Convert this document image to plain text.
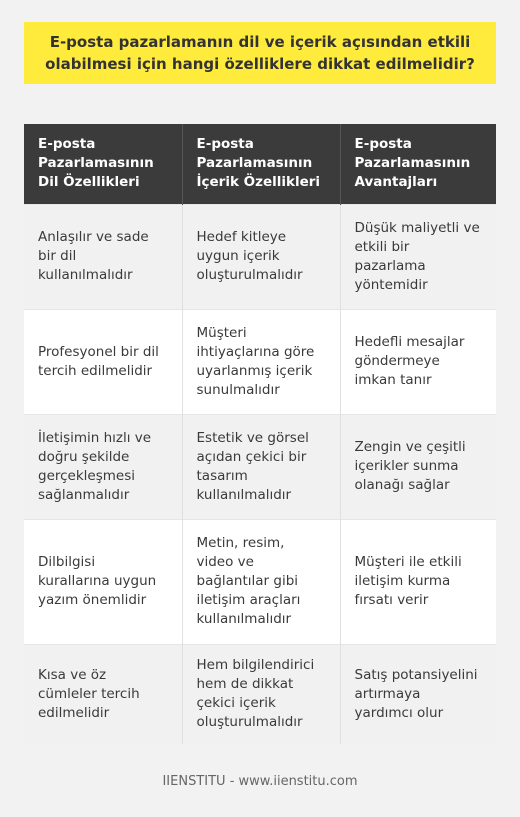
E-posta pazarlamanın dil ve içerik açısından etkili olabilmesi için hangi özelliklere dikkat edilmelidir?
E-posta Pazarlamasının Dil Özellikleri	E-posta Pazarlamasının İçerik Özellikleri	E-posta Pazarlamasının Avantajları
Anlaşılır ve sade bir dil kullanılmalıdır	Hedef kitleye uygun içerik oluşturulmalıdır	Düşük maliyetli ve etkili bir pazarlama yöntemidir
Profesyonel bir dil tercih edilmelidir	Müşteri ihtiyaçlarına göre uyarlanmış içerik sunulmalıdır	Hedefli mesajlar göndermeye imkan tanır
İletişimin hızlı ve doğru şekilde gerçekleşmesi sağlanmalıdır	Estetik ve görsel açıdan çekici bir tasarım kullanılmalıdır	Zengin ve çeşitli içerikler sunma olanağı sağlar
Dilbilgisi kurallarına uygun yazım önemlidir	Metin, resim, video ve bağlantılar gibi iletişim araçları kullanılmalıdır	Müşteri ile etkili iletişim kurma fırsatı verir
Kısa ve öz cümleler tercih edilmelidir	Hem bilgilendirici hem de dikkat çekici içerik oluşturulmalıdır	Satış potansiyelini artırmaya yardımcı olur
IIENSTITU - www.iienstitu.com
